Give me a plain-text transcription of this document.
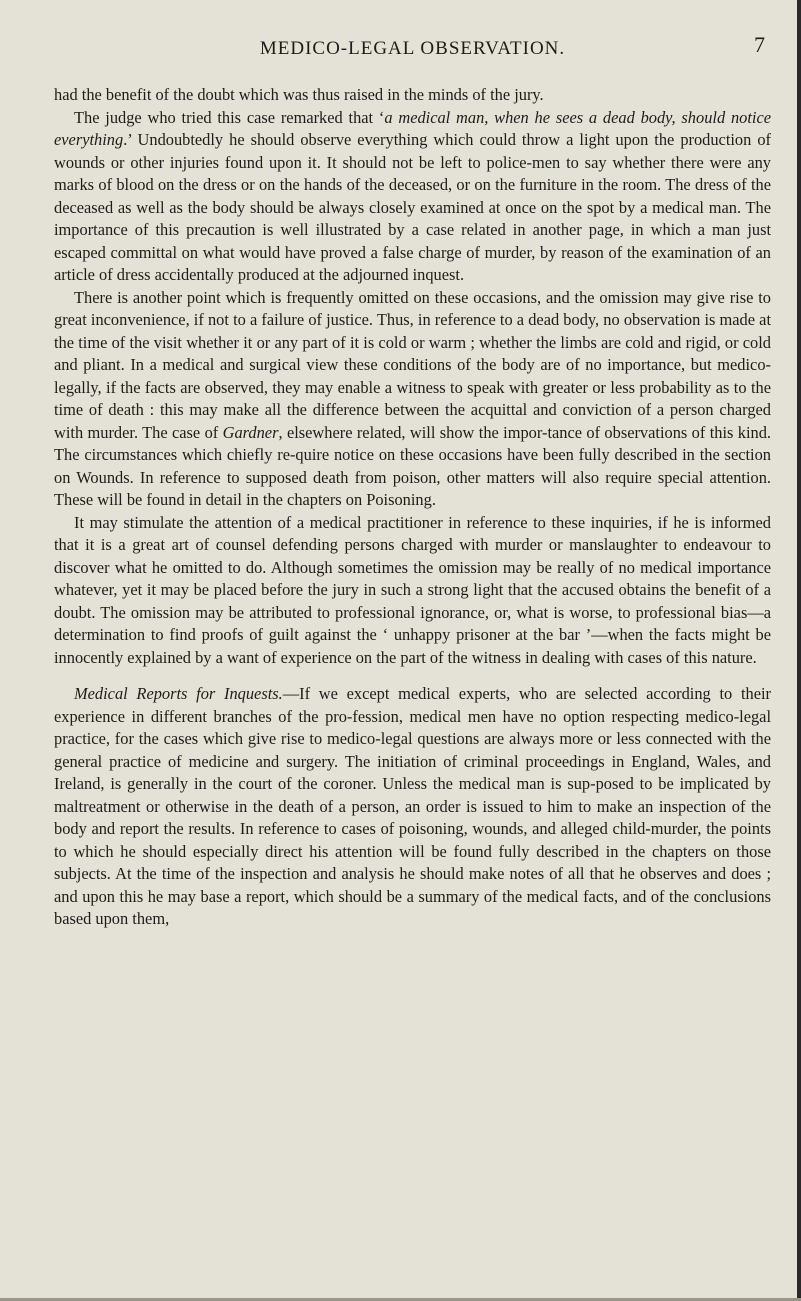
MEDICO-LEGAL OBSERVATION.	7

had the benefit of the doubt which was thus raised in the minds of the jury.

The judge who tried this case remarked that ‘a medical man, when he sees a dead body, should notice everything.’ Undoubtedly he should observe everything which could throw a light upon the production of wounds or other injuries found upon it. It should not be left to police-men to say whether there were any marks of blood on the dress or on the hands of the deceased, or on the furniture in the room. The dress of the deceased as well as the body should be always closely examined at once on the spot by a medical man. The importance of this precaution is well illustrated by a case related in another page, in which a man just escaped committal on what would have proved a false charge of murder, by reason of the examination of an article of dress accidentally produced at the adjourned inquest.

There is another point which is frequently omitted on these occasions, and the omission may give rise to great inconvenience, if not to a failure of justice. Thus, in reference to a dead body, no observation is made at the time of the visit whether it or any part of it is cold or warm ; whether the limbs are cold and rigid, or cold and pliant. In a medical and surgical view these conditions of the body are of no importance, but medico-legally, if the facts are observed, they may enable a witness to speak with greater or less probability as to the time of death : this may make all the difference between the acquittal and conviction of a person charged with murder. The case of Gardner, elsewhere related, will show the impor-tance of observations of this kind. The circumstances which chiefly re-quire notice on these occasions have been fully described in the section on Wounds. In reference to supposed death from poison, other matters will also require special attention. These will be found in detail in the chapters on Poisoning.

It may stimulate the attention of a medical practitioner in reference to these inquiries, if he is informed that it is a great art of counsel defending persons charged with murder or manslaughter to endeavour to discover what he omitted to do. Although sometimes the omission may be really of no medical importance whatever, yet it may be placed before the jury in such a strong light that the accused obtains the benefit of a doubt. The omission may be attributed to professional ignorance, or, what is worse, to professional bias—a determination to find proofs of guilt against the ‘ unhappy prisoner at the bar ’—when the facts might be innocently explained by a want of experience on the part of the witness in dealing with cases of this nature.

Medical Reports for Inquests.—If we except medical experts, who are selected according to their experience in different branches of the pro-fession, medical men have no option respecting medico-legal practice, for the cases which give rise to medico-legal questions are always more or less connected with the general practice of medicine and surgery. The initiation of criminal proceedings in England, Wales, and Ireland, is generally in the court of the coroner. Unless the medical man is sup-posed to be implicated by maltreatment or otherwise in the death of a person, an order is issued to him to make an inspection of the body and report the results. In reference to cases of poisoning, wounds, and alleged child-murder, the points to which he should especially direct his attention will be found fully described in the chapters on those subjects. At the time of the inspection and analysis he should make notes of all that he observes and does ; and upon this he may base a report, which should be a summary of the medical facts, and of the conclusions based upon them,
